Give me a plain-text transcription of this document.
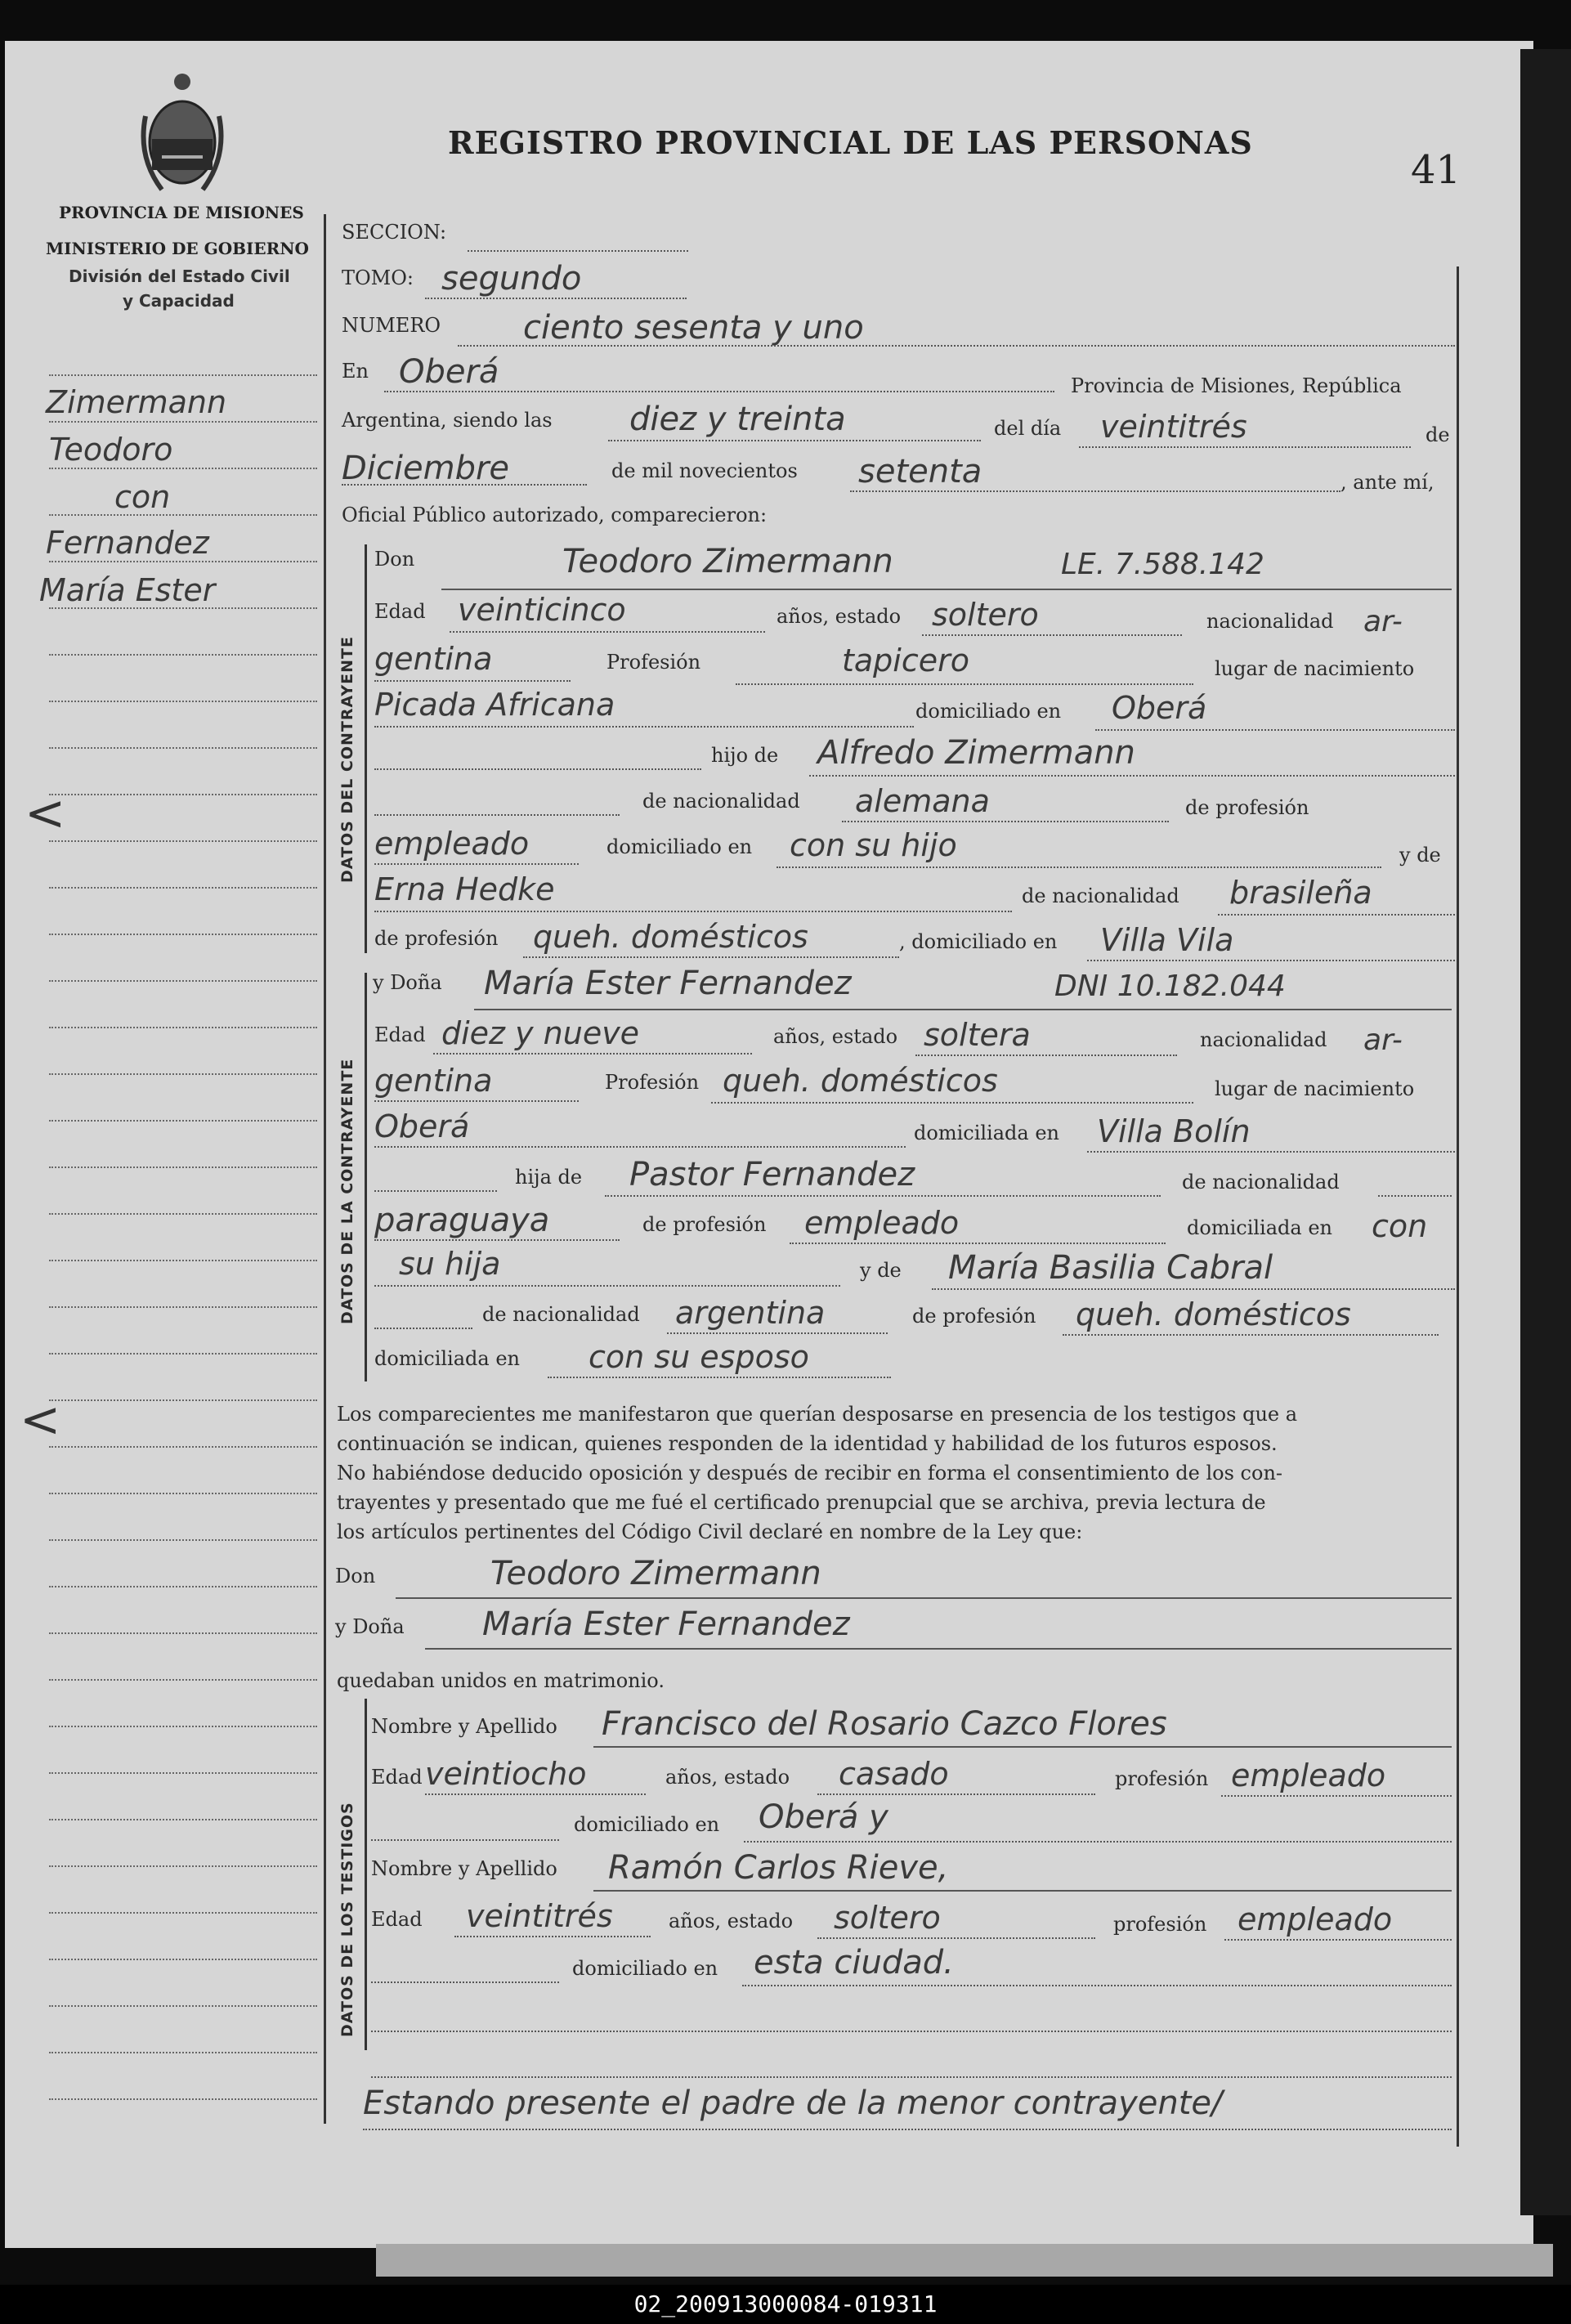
PROVINCIA DE MISIONES
MINISTERIO DE GOBIERNO
División del Estado Civil
y Capacidad
REGISTRO PROVINCIAL DE LAS PERSONAS
41
Zimermann
Teodoro
con
Fernandez
María Ester
<
<
DATOS DEL CONTRAYENTE
DATOS DE LA CONTRAYENTE
DATOS DE LOS TESTIGOS
SECCION:
TOMO: segundo
NUMERO	ciento sesenta y uno
En Oberá	Provincia de Misiones, República
Argentina, siendo las diez y treinta	del día veintitrés	de
Diciembre	de mil novecientos setenta	, ante mí,
Oficial Público autorizado, comparecieron:
Don	Teodoro Zimermann	LE. 7.588.142
Edad veinticinco	años, estado soltero	nacionalidad ar-
gentina	Profesión	tapicero	lugar de nacimiento
Picada Africana	domiciliado en Oberá
hijo de Alfredo Zimermann
de nacionalidad alemana	de profesión
empleado	domiciliado en con su hijo	y de
Erna Hedke	de nacionalidad brasileña
de profesión queh. domésticos	, domiciliado en Villa Vila
y Doña María Ester Fernandez	DNI 10.182.044
Edad diez y nueve	años, estado soltera	nacionalidad ar-
gentina	Profesión queh. domésticos	lugar de nacimiento
Oberá	domiciliada en Villa Bolín
hija de Pastor Fernandez	de nacionalidad
paraguaya	de profesión empleado	domiciliada en con
su hija	y de María Basilia Cabral
de nacionalidad argentina	de profesión queh. domésticos
domiciliada en con su esposo
Los comparecientes me manifestaron que querían desposarse en presencia de los testigos que a
continuación se indican, quienes responden de la identidad y habilidad de los futuros esposos.
No habiéndose deducido oposición y después de recibir en forma el consentimiento de los con-
trayentes y presentado que me fué el certificado prenupcial que se archiva, previa lectura de
los artículos pertinentes del Código Civil declaré en nombre de la Ley que:
Don	Teodoro Zimermann
y Doña María Ester Fernandez
quedaban unidos en matrimonio.
Nombre y Apellido Francisco del Rosario Cazco Flores
Edad veintiocho	años, estado casado	profesión empleado
domiciliado en Oberá y
Nombre y Apellido Ramón Carlos Rieve,
Edad veintitrés	años, estado soltero	profesión empleado
domiciliado en esta ciudad.
Estando presente el padre de la menor contrayente/
02_200913000084-019311
